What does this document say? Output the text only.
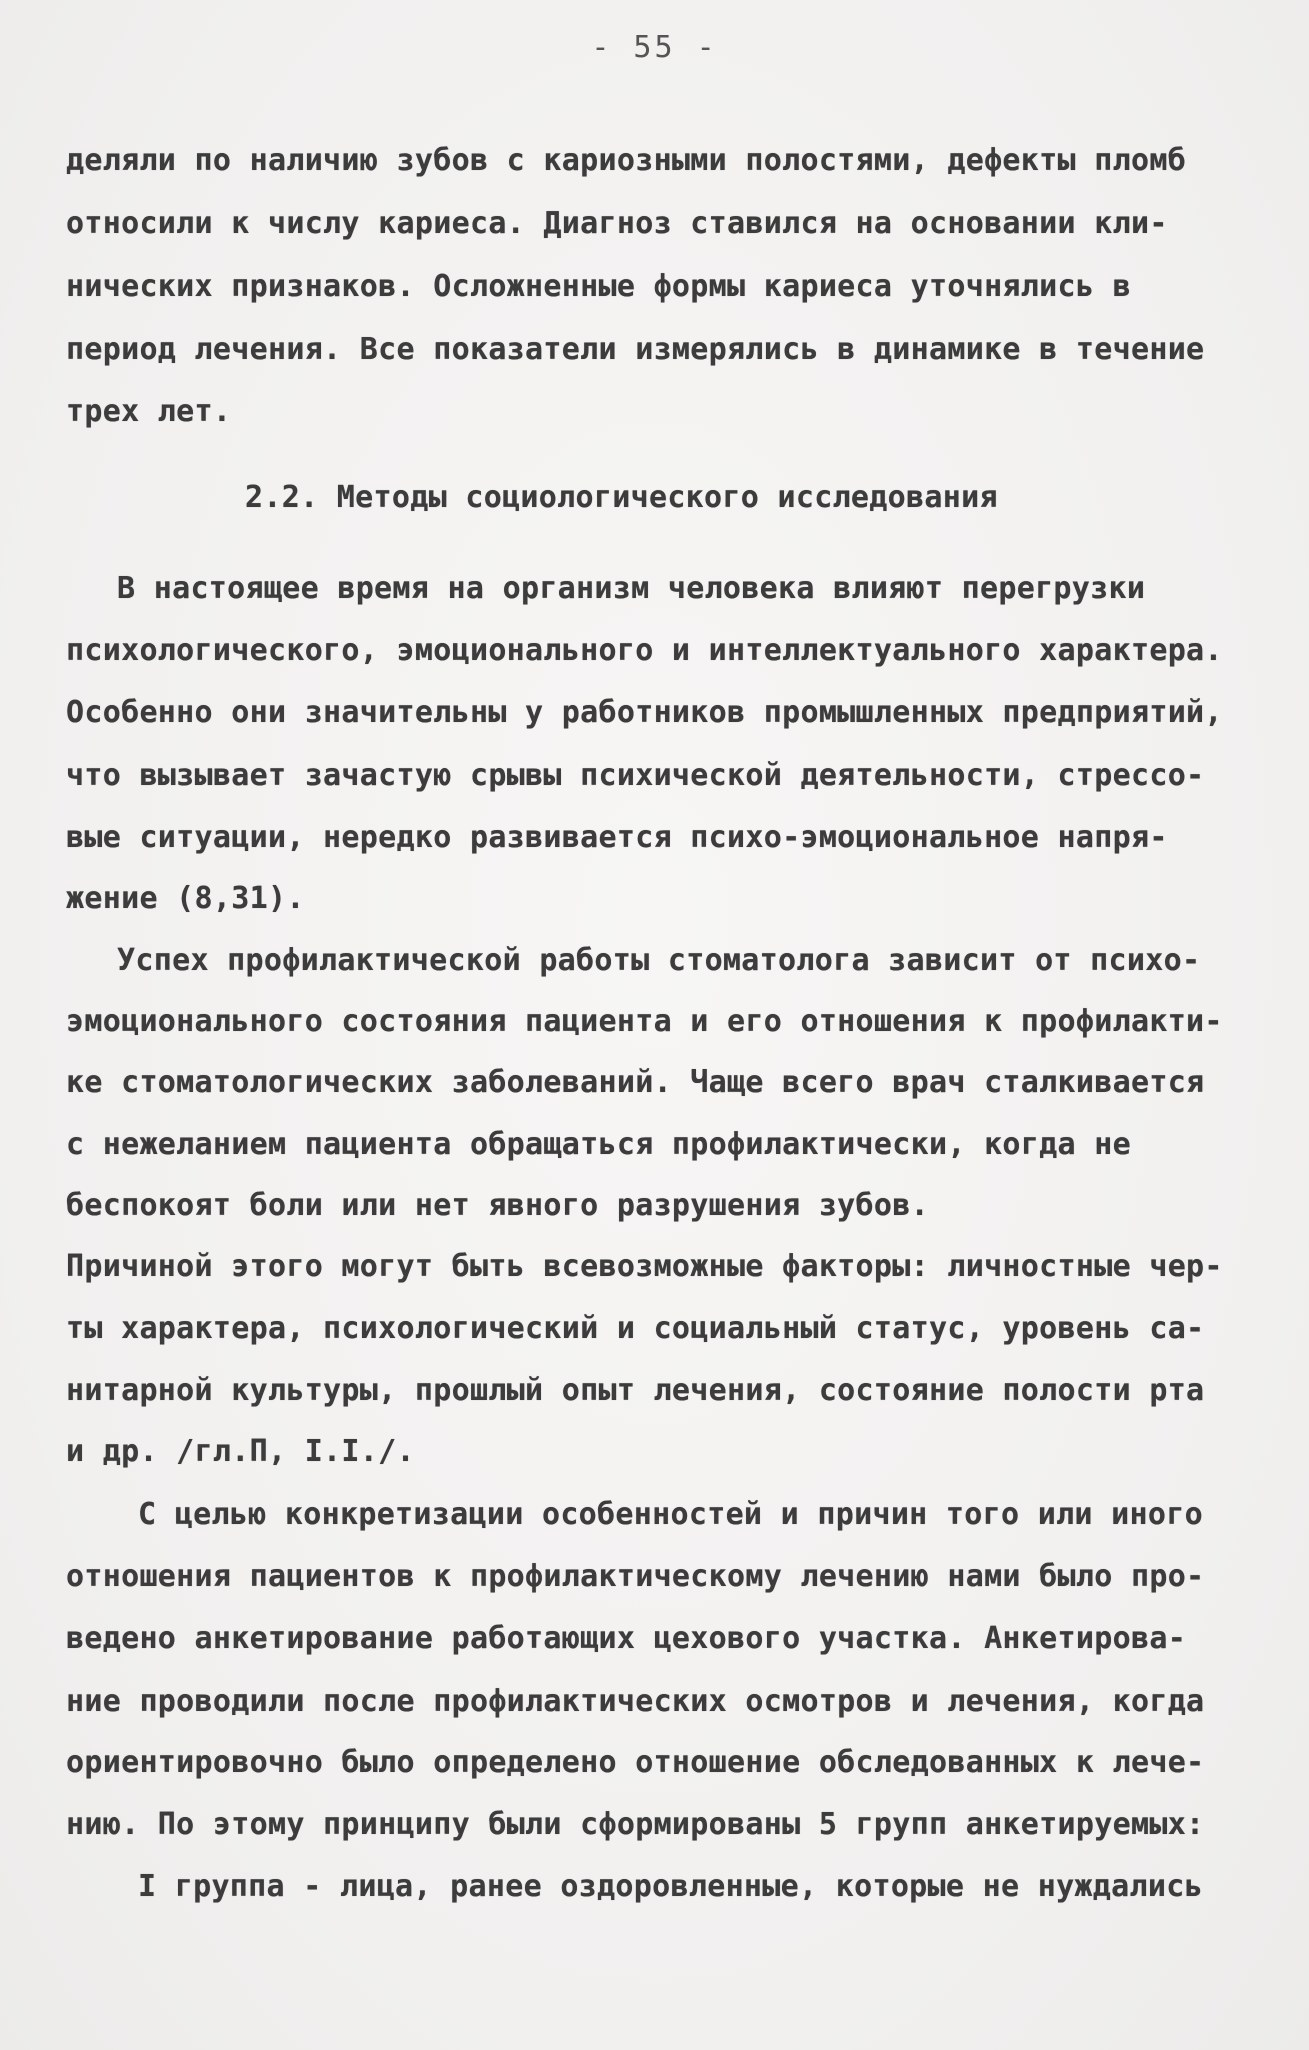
- 55 -
деляли по наличию зубов с кариозными полостями, дефекты пломб
относили к числу кариеса. Диагноз ставился на основании кли-
нических признаков. Осложненные формы кариеса уточнялись в
период лечения. Все показатели измерялись в динамике в течение
трех лет.
2.2. Методы социологического исследования
В настоящее время на организм человека влияют перегрузки
психологического, эмоционального и интеллектуального характера.
Особенно они значительны у работников промышленных предприятий,
что вызывает зачастую срывы психической деятельности, стрессо-
вые ситуации, нередко развивается психо-эмоциональное напря-
жение (8,31).
Успех профилактической работы стоматолога зависит от психо-
эмоционального состояния пациента и его отношения к профилакти-
ке стоматологических заболеваний. Чаще всего врач сталкивается
с нежеланием пациента обращаться профилактически, когда не
беспокоят боли или нет явного разрушения зубов.
Причиной этого могут быть всевозможные факторы: личностные чер-
ты характера, психологический и социальный статус, уровень са-
нитарной культуры, прошлый опыт лечения, состояние полости рта
и др. /гл.П, I.I./.
С целью конкретизации особенностей и причин того или иного
отношения пациентов к профилактическому лечению нами было про-
ведено анкетирование работающих цехового участка. Анкетирова-
ние проводили после профилактических осмотров и лечения, когда
ориентировочно было определено отношение обследованных к лече-
нию. По этому принципу были сформированы 5 групп анкетируемых:
I группа - лица, ранее оздоровленные, которые не нуждались
